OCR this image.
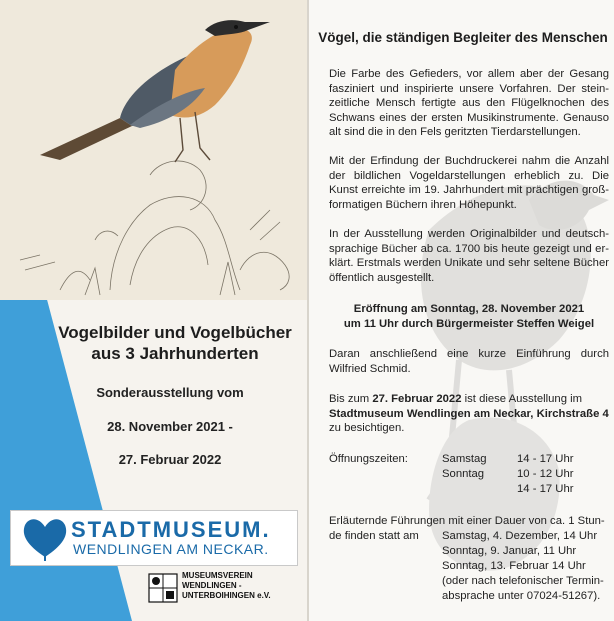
Vogelbilder und Vogelbücher
aus 3 Jahrhunderten
Sonderausstellung vom
28. November 2021 -
27. Februar 2022
STADTMUSEUM.
WENDLINGEN AM NECKAR.
MUSEUMSVEREIN
WENDLINGEN -
UNTERBOIHINGEN e.V.
Vögel, die ständigen Begleiter des Menschen
Die Farbe des Gefieders, vor allem aber der Gesang fasziniert und inspirierte unsere Vorfahren. Der steinzeitliche Mensch fertigte aus den Flügelknochen des Schwans eines der ersten Musikinstrumente. Genauso alt sind die in den Fels geritzten Tierdarstellungen.
Mit der Erfindung der Buchdruckerei nahm die Anzahl der bildlichen Vogeldarstellungen erheblich zu. Die Kunst erreichte im 19. Jahrhundert mit prächtigen großformatigen Büchern ihren Höhepunkt.
In der Ausstellung werden Originalbilder und deutschsprachige Bücher ab ca. 1700 bis heute gezeigt und erklärt. Erstmals werden Unikate und sehr seltene Bücher öffentlich ausgestellt.
Eröffnung am Sonntag, 28. November 2021
um 11 Uhr durch Bürgermeister Steffen Weigel
Daran anschließend eine kurze Einführung durch Wilfried Schmid.
Bis zum 27. Februar 2022 ist diese Ausstellung im
Stadtmuseum Wendlingen am Neckar, Kirchstraße 4
zu besichtigen.
Öffnungszeiten:	Samstag	14 - 17 Uhr
Sonntag	10 - 12 Uhr
14 - 17 Uhr
Erläuternde Führungen mit einer Dauer von ca. 1 Stun-
de finden statt am Samstag, 4. Dezember, 14 Uhr
Sonntag, 9. Januar, 11 Uhr
Sonntag, 13. Februar 14 Uhr
(oder nach telefonischer Termin-
absprache unter 07024-51267).
